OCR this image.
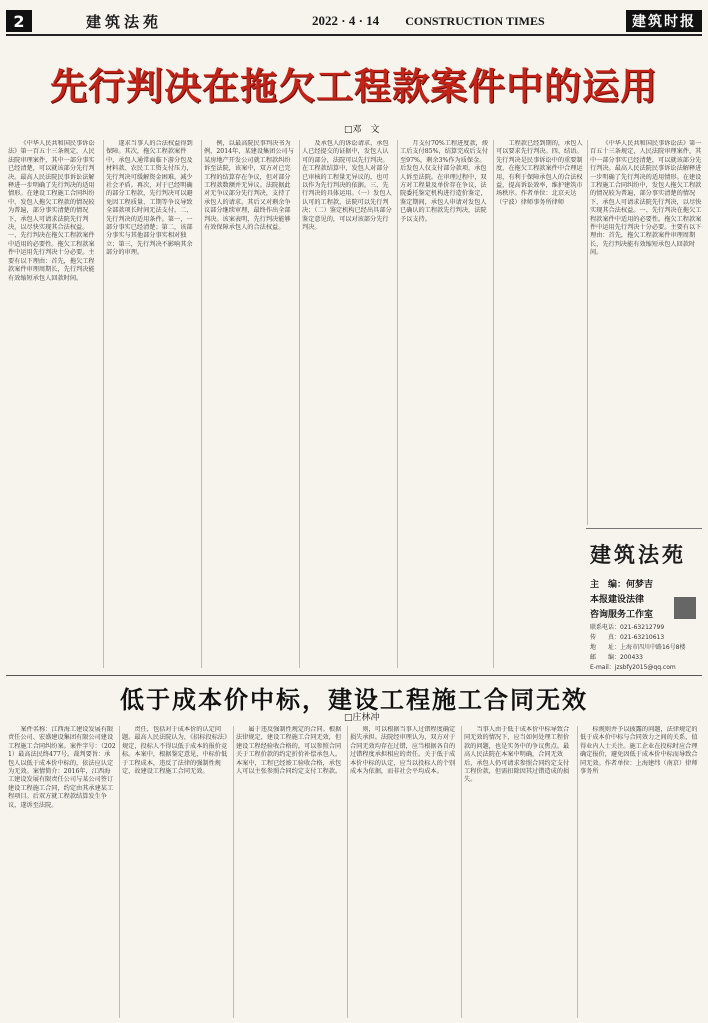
2	建筑法苑	2022 · 4 · 14 CONSTRUCTION TIMES	建筑时报
先行判决在拖欠工程款案件中的运用
□邓　文

《中华人民共和国民事诉讼法》第一百五十三条规定，人民法院审理案件，其中一部分事实已经清楚，可以就该部分先行判决。最高人民法院民事诉讼法解释进一步明确了先行判决的适用情形。在建设工程施工合同纠纷中，发包人拖欠工程款的情况较为普遍，部分事实清楚的情况下，承包人可请求法院先行判决，以尽快实现其合法权益。一、先行判决在拖欠工程款案件中适用的必要性。拖欠工程款案件中运用先行判决十分必要。主要有以下理由：首先，拖欠工程款案件审理周期长，先行判决能有效缩短承包人回款时间。

遂求当事人的合法权益得到保障。其次，拖欠工程款案件中，承包人通常面临下游分包及材料款、农民工工资支付压力，先行判决可缓解资金困难，减少社会矛盾。再次，对于已经明确的部分工程款，先行判决可以避免因工程质量、工期等争议导致全部款项长时间无法支付。二、先行判决的适用条件。第一，一部分事实已经清楚；第二，该部分事实与其他部分事实相对独立；第三，先行判决不影响其余部分的审理。

例，以最高院民事判决书为例，2014年，某建设集团公司与某房地产开发公司就工程款纠纷诉至法院，该案中，双方对已完工程的结算存在争议，但对部分工程款数额并无异议。法院据此对无争议部分先行判决，支持了承包人的请求。其后又对剩余争议部分继续审理，最终作出全部判决。该案表明，先行判决能够有效保障承包人的合法权益。

及承包人的诉讼请求，承包人已经提交的证据中，发包人认可的部分，法院可以先行判决。在工程款结算中，发包人对部分已审核的工程量无异议的，也可以作为先行判决的依据。三、先行判决的具体运用。（一）发包人认可的工程款，法院可以先行判决；（二）鉴定机构已经出具部分鉴定意见的，可以对该部分先行判决。

月支付70%工程进度款，竣工后支付85%，结算完成后支付至97%，剩余3%作为质保金。后发包人仅支付部分款项，承包人诉至法院。在审理过程中，双方对工程量及单价存在争议，法院委托鉴定机构进行造价鉴定，鉴定期间，承包人申请对发包人已确认的工程款先行判决，法院予以支持。

工程款已经到期的，承包人可以要求先行判决。四、结语。先行判决是民事诉讼中的重要制度，在拖欠工程款案件中合理运用，有利于保障承包人的合法权益，提高诉讼效率，维护建筑市场秩序。作者单位：北京天达（宁波）律师事务所律师

《中华人民共和国民事诉讼法》第一百五十三条规定，人民法院审理案件，其中一部分事实已经清楚，可以就该部分先行判决。最高人民法院民事诉讼法解释进一步明确了先行判决的适用情形。在建设工程施工合同纠纷中，发包人拖欠工程款的情况较为普遍，部分事实清楚的情况下，承包人可请求法院先行判决，以尽快实现其合法权益。一、先行判决在拖欠工程款案件中适用的必要性。拖欠工程款案件中运用先行判决十分必要。主要有以下理由：首先，拖欠工程款案件审理周期长，先行判决能有效缩短承包人回款时间。

建筑法苑
主　编：何梦吉
本报建设法律
咨询服务工作室
联系电话：021-63212799
传　　真：021-63210613
地　　址：上海市四川中路16号8楼
邮　　编：200433
E-mail：jzsbfy2015@qq.com
低于成本价中标，建设工程施工合同无效
□庄林冲

案件名称：江西海工建设发展有限责任公司、宏盛建设集团有限公司建设工程施工合同纠纷案。案件字号：（2021）最高法民终477号。裁判要旨：承包人以低于成本价中标的，依法应认定为无效。案情简介：2016年，江西海工建设发展有限责任公司与某公司签订建设工程施工合同，约定由其承建某工程项目。后双方就工程款结算发生争议，遂诉至法院。

责任，包括对于成本价的认定问题。最高人民法院认为，《招标投标法》规定，投标人不得以低于成本的报价竞标。本案中，根据鉴定意见，中标价低于工程成本，违反了法律的强制性规定，故建设工程施工合同无效。

属于违反强制性规定的合同。根据法律规定，建设工程施工合同无效，但建设工程经验收合格的，可以参照合同关于工程价款的约定折价补偿承包人。本案中，工程已经竣工验收合格，承包人可以主张参照合同约定支付工程款。

则，可以根据当事人过错程度确定损失承担。法院经审理认为，双方对于合同无效均存在过错，应当根据各自的过错程度承担相应的责任。关于低于成本价中标的认定，应当以投标人的个别成本为依据，而非社会平均成本。

当事人由于低于成本价中标导致合同无效的情况下，应当如何处理工程价款的问题，也是实务中的争议焦点。最高人民法院在本案中明确，合同无效后，承包人仍可请求参照合同约定支付工程价款，但需扣除因其过错造成的损失。

标规则并予以披露的问题，法律规定的低于成本价中标与合同效力之间的关系，值得业内人士关注。施工企业在投标时应合理确定报价，避免因低于成本价中标而导致合同无效。作者单位：上海建纬（南京）律师事务所
